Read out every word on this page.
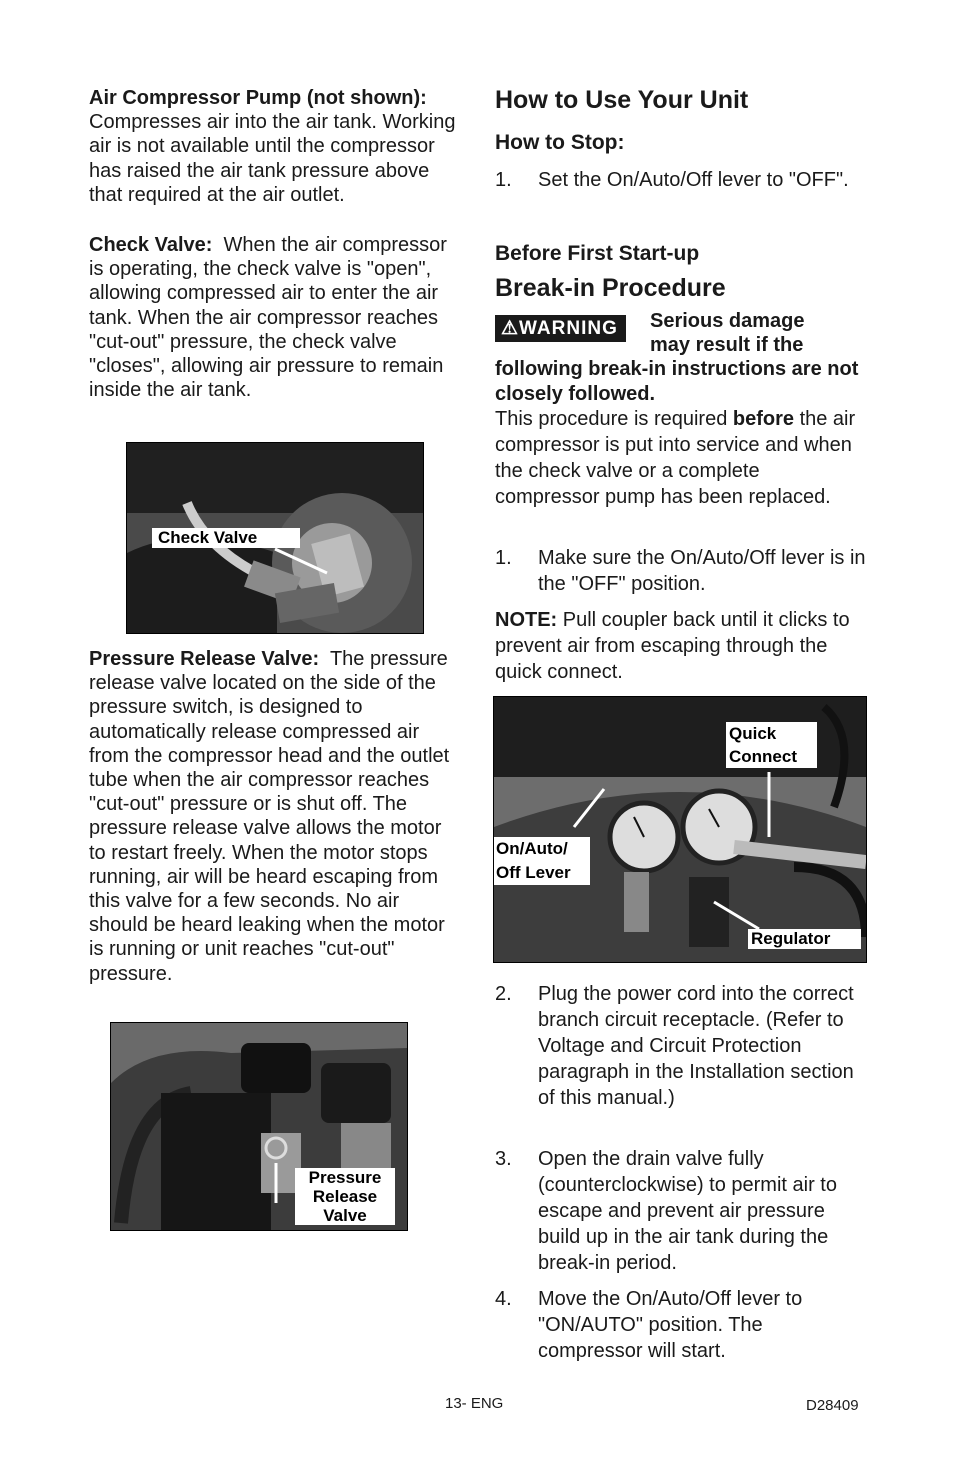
Air Compressor Pump (not shown):
Compresses air into the air tank. Working air is not available until the compressor has raised the air tank pressure above that required at the air outlet.

Check Valve: When the air compressor is operating, the check valve is "open", allowing compressed air to enter the air tank. When the air compressor reaches "cut-out" pressure, the check valve "closes", allowing air pressure to remain inside the air tank.

Check Valve

Pressure Release Valve: The pressure release valve located on the side of the pressure switch, is designed to automatically release compressed air from the compressor head and the outlet tube when the air compressor reaches "cut-out" pressure or is shut off. The pressure release valve allows the motor to restart freely. When the motor stops running, air will be heard escaping from this valve for a few seconds. No air should be heard leaking when the motor is running or unit reaches "cut-out" pressure.

Pressure
Release
Valve
How to Use Your Unit
How to Stop:
1. Set the On/Auto/Off lever to "OFF".
Before First Start-up
Break-in Procedure
⚠WARNING Serious damage
may result if the
following break-in instructions are not closely followed.

This procedure is required before the air compressor is put into service and when the check valve or a complete compressor pump has been replaced.

1. Make sure the On/Auto/Off lever is in the "OFF" position.

NOTE: Pull coupler back until it clicks to prevent air from escaping through the quick connect.

Quick
Connect
On/Auto/
Off Lever
Regulator
2. Plug the power cord into the correct branch circuit receptacle. (Refer to Voltage and Circuit Protection paragraph in the Installation section of this manual.)
3. Open the drain valve fully (counterclockwise) to permit air to escape and prevent air pressure build up in the air tank during the break-in period.
4. Move the On/Auto/Off lever to "ON/AUTO" position. The compressor will start.
13- ENG	D28409
